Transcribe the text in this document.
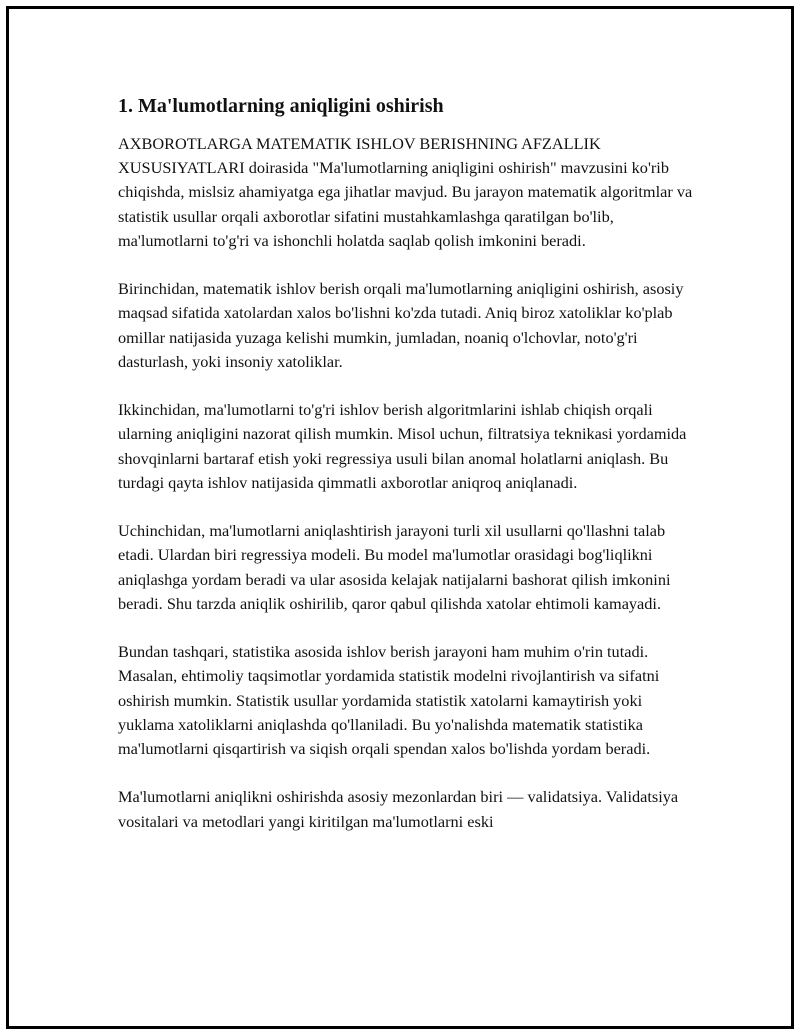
1. Ma'lumotlarning aniqligini oshirish

AXBOROTLARGA MATEMATIK ISHLOV BERISHNING AFZALLIK XUSUSIYATLARI doirasida "Ma'lumotlarning aniqligini oshirish" mavzusini ko'rib chiqishda, mislsiz ahamiyatga ega jihatlar mavjud. Bu jarayon matematik algoritmlar va statistik usullar orqali axborotlar sifatini mustahkamlashga qaratilgan bo'lib, ma'lumotlarni to'g'ri va ishonchli holatda saqlab qolish imkonini beradi.

Birinchidan, matematik ishlov berish orqali ma'lumotlarning aniqligini oshirish, asosiy maqsad sifatida xatolardan xalos bo'lishni ko'zda tutadi. Aniq biroz xatoliklar ko'plab omillar natijasida yuzaga kelishi mumkin, jumladan, noaniq o'lchovlar, noto'g'ri dasturlash, yoki insoniy xatoliklar.

Ikkinchidan, ma'lumotlarni to'g'ri ishlov berish algoritmlarini ishlab chiqish orqali ularning aniqligini nazorat qilish mumkin. Misol uchun, filtratsiya teknikasi yordamida shovqinlarni bartaraf etish yoki regressiya usuli bilan anomal holatlarni aniqlash. Bu turdagi qayta ishlov natijasida qimmatli axborotlar aniqroq aniqlanadi.

Uchinchidan, ma'lumotlarni aniqlashtirish jarayoni turli xil usullarni qo'llashni talab etadi. Ulardan biri regressiya modeli. Bu model ma'lumotlar orasidagi bog'liqlikni aniqlashga yordam beradi va ular asosida kelajak natijalarni bashorat qilish imkonini beradi. Shu tarzda aniqlik oshirilib, qaror qabul qilishda xatolar ehtimoli kamayadi.

Bundan tashqari, statistika asosida ishlov berish jarayoni ham muhim o'rin tutadi. Masalan, ehtimoliy taqsimotlar yordamida statistik modelni rivojlantirish va sifatni oshirish mumkin. Statistik usullar yordamida statistik xatolarni kamaytirish yoki yuklama xatoliklarni aniqlashda qo'llaniladi. Bu yo'nalishda matematik statistika ma'lumotlarni qisqartirish va siqish orqali spendan xalos bo'lishda yordam beradi.

Ma'lumotlarni aniqlikni oshirishda asosiy mezonlardan biri — validatsiya. Validatsiya vositalari va metodlari yangi kiritilgan ma'lumotlarni eski
